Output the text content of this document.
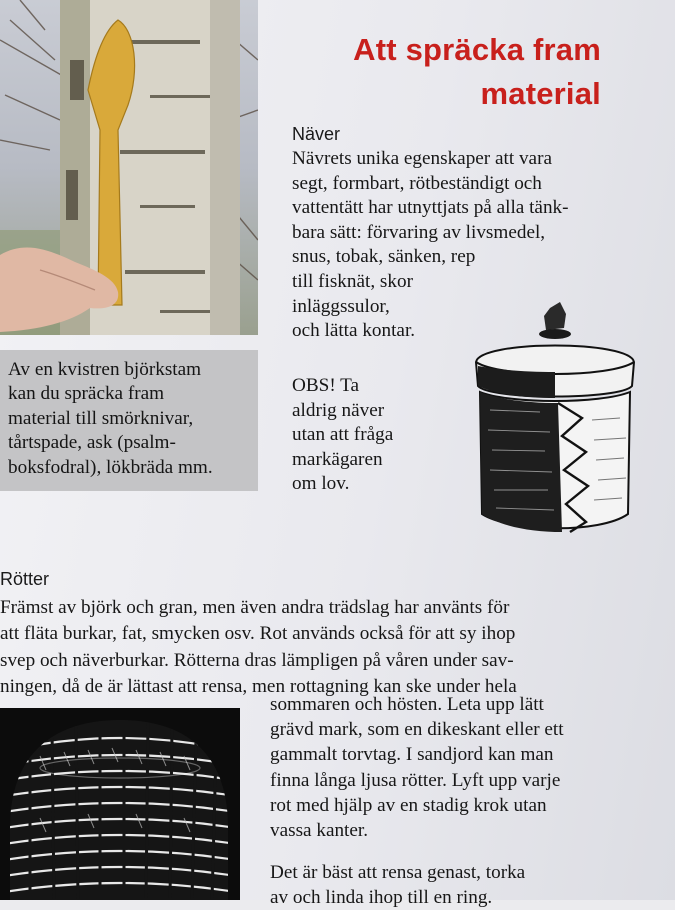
Av en kvistren björkstam
kan du spräcka fram
material till smörknivar,
tårtspade, ask (psalm-
boksfodral), lökbräda mm.
Att spräcka fram
material
Näver
Nävrets unika egenskaper att vara
segt, formbart, rötbeständigt och
vattentätt har utnyttjats på alla tänk-
bara sätt: förvaring av livsmedel,
snus, tobak, sänken, rep
till fisknät, skor
inläggssulor,
och lätta kontar.
OBS! Ta
aldrig näver
utan att fråga
markägaren
om lov.
Rötter
Främst av björk och gran, men även andra trädslag har använts för
att fläta burkar, fat, smycken osv. Rot används också för att sy ihop
svep och näverburkar. Rötterna dras lämpligen på våren under sav-
ningen, då de är lättast att rensa, men rottagning kan ske under hela
sommaren och hösten. Leta upp lätt
grävd mark, som en dikeskant eller ett
gammalt torvtag. I sandjord kan man
finna långa ljusa rötter. Lyft upp varje
rot med hjälp av en stadig krok utan
vassa kanter.
Det är bäst att rensa genast, torka
av och linda ihop till en ring.
